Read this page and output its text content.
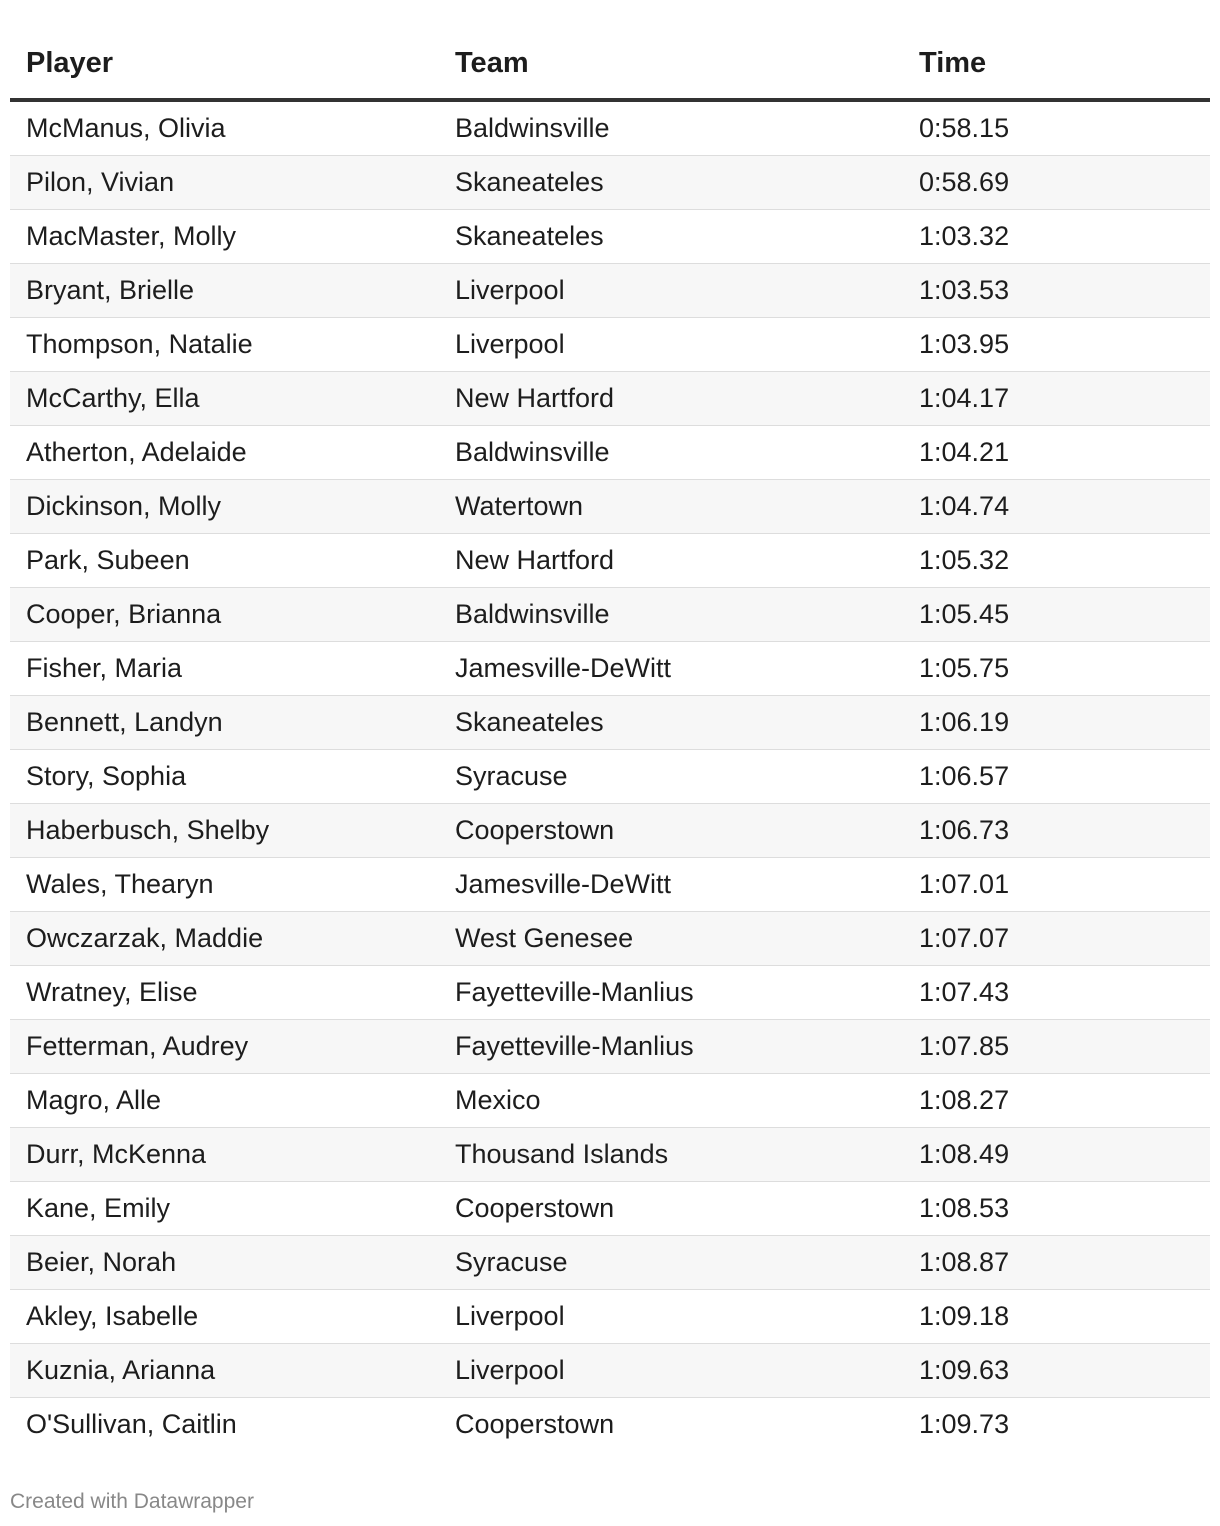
Player	Team	Time
McManus, Olivia	Baldwinsville	0:58.15
Pilon, Vivian	Skaneateles	0:58.69
MacMaster, Molly	Skaneateles	1:03.32
Bryant, Brielle	Liverpool	1:03.53
Thompson, Natalie	Liverpool	1:03.95
McCarthy, Ella	New Hartford	1:04.17
Atherton, Adelaide	Baldwinsville	1:04.21
Dickinson, Molly	Watertown	1:04.74
Park, Subeen	New Hartford	1:05.32
Cooper, Brianna	Baldwinsville	1:05.45
Fisher, Maria	Jamesville-DeWitt	1:05.75
Bennett, Landyn	Skaneateles	1:06.19
Story, Sophia	Syracuse	1:06.57
Haberbusch, Shelby	Cooperstown	1:06.73
Wales, Thearyn	Jamesville-DeWitt	1:07.01
Owczarzak, Maddie	West Genesee	1:07.07
Wratney, Elise	Fayetteville-Manlius	1:07.43
Fetterman, Audrey	Fayetteville-Manlius	1:07.85
Magro, Alle	Mexico	1:08.27
Durr, McKenna	Thousand Islands	1:08.49
Kane, Emily	Cooperstown	1:08.53
Beier, Norah	Syracuse	1:08.87
Akley, Isabelle	Liverpool	1:09.18
Kuznia, Arianna	Liverpool	1:09.63
O'Sullivan, Caitlin	Cooperstown	1:09.73
Created with Datawrapper
